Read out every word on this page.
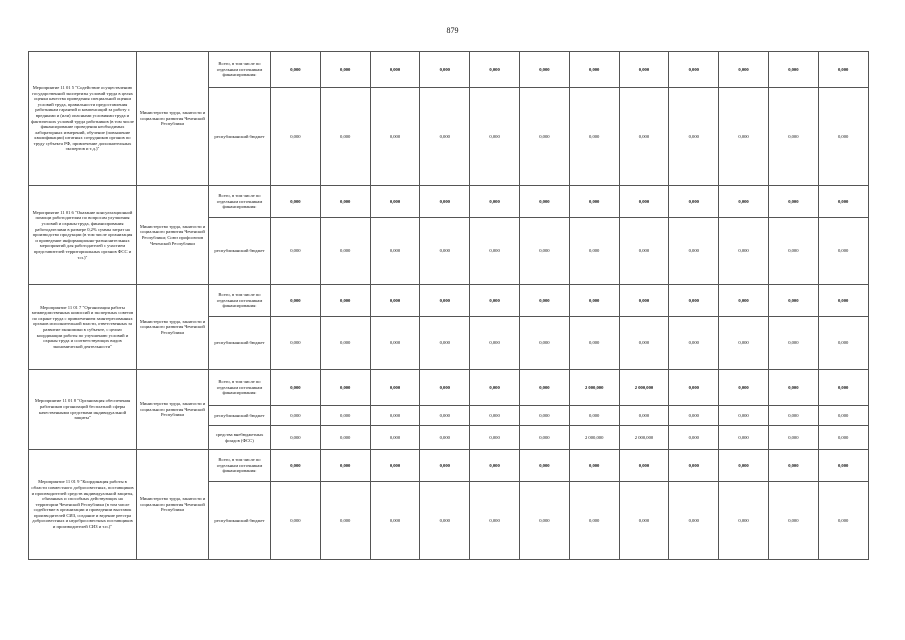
879
Мероприятие 11 01 5 "Содействие осуществлению государственной экспертизы условий труда в целях оценки качества проведения специальной оценки условий труда, правильности предоставления работникам гарантий и компенсаций за работу с вредными и (или) опасными условиями труда и фактических условий труда работников (в том числе финансирование проведения необходимых лабораторных измерений, обучение (повышение квалификации) штатных сотрудников органов по труду субъекта РФ, привлечение дополнительных экспертов и т.д.)"	Министерство труда, занятости и социального развития Чеченской Республики	Всего, в том числе по отдельным источникам финансирования:	0,000	0,000	0,000	0,000	0,000	0,000	0,000	0,000	0,000	0,000	0,000	0,000
		республиканский бюджет	0,000	0,000	0,000	0,000	0,000	0,000	0,000	0,000	0,000	0,000	0,000	0,000
Мероприятие 11 01 6 "Оказание консультационной помощи работодателям по вопросам улучшения условий и охраны труда, финансирования работодателями в размере 0,2% суммы затрат на производство продукции (в том числе организация и проведение информационно-разъяснительных мероприятий для работодателей с участием представителей территориальных органов ФСС и т.п.)"	Министерство труда, занятости и социального развития Чеченской Республики; Союз профсоюзов Чеченской Республики	Всего, в том числе по отдельным источникам финансирования:	0,000	0,000	0,000	0,000	0,000	0,000	0,000	0,000	0,000	0,000	0,000	0,000
		республиканский бюджет	0,000	0,000	0,000	0,000	0,000	0,000	0,000	0,000	0,000	0,000	0,000	0,000
Мероприятие 11 01 7 "Организация работы межведомственных комиссий и экспертных советов по охране труда с привлечением заинтересованных органов исполнительной власти, ответственных за развитие экономики в субъекте, с целью координации работы по улучшению условий и охраны труда и соответствующих видов экономической деятельности"	Министерство труда, занятости и социального развития Чеченской Республики	Всего, в том числе по отдельным источникам финансирования:	0,000	0,000	0,000	0,000	0,000	0,000	0,000	0,000	0,000	0,000	0,000	0,000
		республиканский бюджет	0,000	0,000	0,000	0,000	0,000	0,000	0,000	0,000	0,000	0,000	0,000	0,000
Мероприятие 11 01 8 "Организация обеспечения работников организаций бесплатной сферы качественными средствами индивидуальной защиты"	Министерство труда, занятости и социального развития Чеченской Республики	Всего, в том числе по отдельным источникам финансирования:	0,000	0,000	0,000	0,000	0,000	0,000	2 000,000	2 000,000	0,000	0,000	0,000	0,000
		республиканский бюджет	0,000	0,000	0,000	0,000	0,000	0,000	0,000	0,000	0,000	0,000	0,000	0,000
		средства внебюджетных фондов (ФСС)	0,000	0,000	0,000	0,000	0,000	0,000	2 000,000	2 000,000	0,000	0,000	0,000	0,000
Мероприятие 11 01 9 "Координация работы в области совместного добросовестных, поставщиков и производителей средств индивидуальной защиты, обязанных и способных действующих на территории Чеченской Республики (в том числе содействие в организации и проведении выставок производителей СИЗ, создание и ведение реестра добросовестных и недобросовестных поставщиков и производителей СИЗ и т.п.)"	Министерство труда, занятости и социального развития Чеченской Республики	Всего, в том числе по отдельным источникам финансирования:	0,000	0,000	0,000	0,000	0,000	0,000	0,000	0,000	0,000	0,000	0,000	0,000
		республиканский бюджет	0,000	0,000	0,000	0,000	0,000	0,000	0,000	0,000	0,000	0,000	0,000	0,000
